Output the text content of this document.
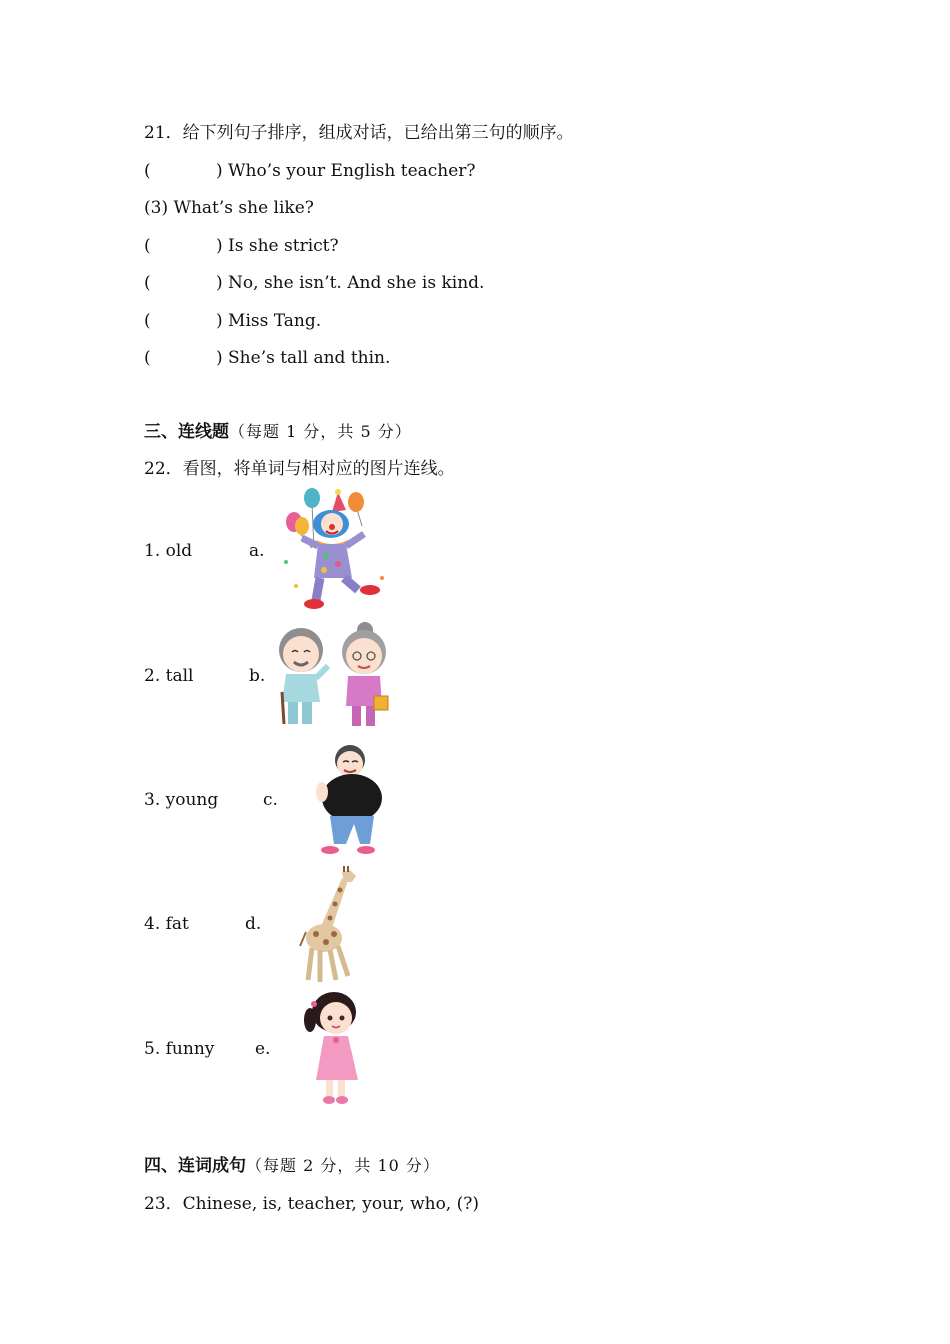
21．给下列句子排序，组成对话，已给出第三句的顺序。
(	) Who’s your English teacher?
(3) What’s she like?
(	) Is she strict?
(	) No, she isn’t. And she is kind.
(	) Miss Tang.
(	) She’s tall and thin.
三、连线题（每题 1 分，共 5 分）
22．看图，将单词与相对应的图片连线。
1. old	a.
2. tall	b.
3. young	c.
4. fat	d.
5. funny e.
四、连词成句（每题 2 分，共 10 分）
23．Chinese, is, teacher, your, who, (?)
